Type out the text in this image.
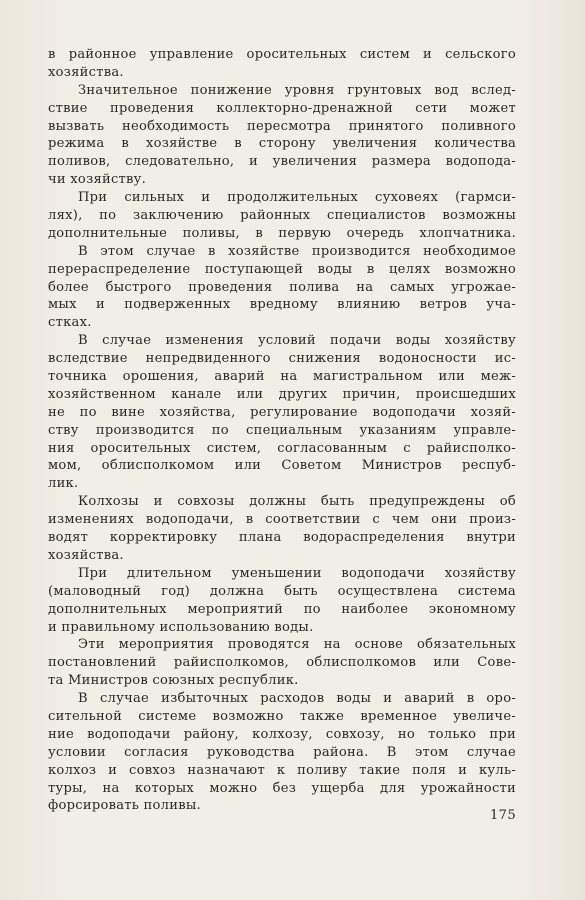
в районное управление оросительных систем и сельского
хозяйства.
Значительное понижение уровня грунтовых вод вслед-
ствие проведения коллекторно-дренажной сети может
вызвать необходимость пересмотра принятого поливного
режима в хозяйстве в сторону увеличения количества
поливов, следовательно, и увеличения размера водопода-
чи хозяйству.
При сильных и продолжительных суховеях (гармси-
лях), по заключению районных специалистов возможны
дополнительные поливы, в первую очередь хлопчатника.
В этом случае в хозяйстве производится необходимое
перераспределение поступающей воды в целях возможно
более быстрого проведения полива на самых угрожае-
мых и подверженных вредному влиянию ветров уча-
стках.
В случае изменения условий подачи воды хозяйству
вследствие непредвиденного снижения водоносности ис-
точника орошения, аварий на магистральном или меж-
хозяйственном канале или других причин, происшедших
не по вине хозяйства, регулирование водоподачи хозяй-
ству производится по специальным указаниям управле-
ния оросительных систем, согласованным с райисполко-
мом, облисполкомом или Советом Министров респуб-
лик.
Колхозы и совхозы должны быть предупреждены об
изменениях водоподачи, в соответствии с чем они произ-
водят корректировку плана водораспределения внутри
хозяйства.
При длительном уменьшении водоподачи хозяйству
(маловодный год) должна быть осуществлена система
дополнительных мероприятий по наиболее экономному
и правильному использованию воды.
Эти мероприятия проводятся на основе обязательных
постановлений райисполкомов, облисполкомов или Сове-
та Министров союзных республик.
В случае избыточных расходов воды и аварий в оро-
сительной системе возможно также временное увеличе-
ние водоподачи району, колхозу, совхозу, но только при
условии согласия руководства района. В этом случае
колхоз и совхоз назначают к поливу такие поля и куль-
туры, на которых можно без ущерба для урожайности
форсировать поливы.
175
